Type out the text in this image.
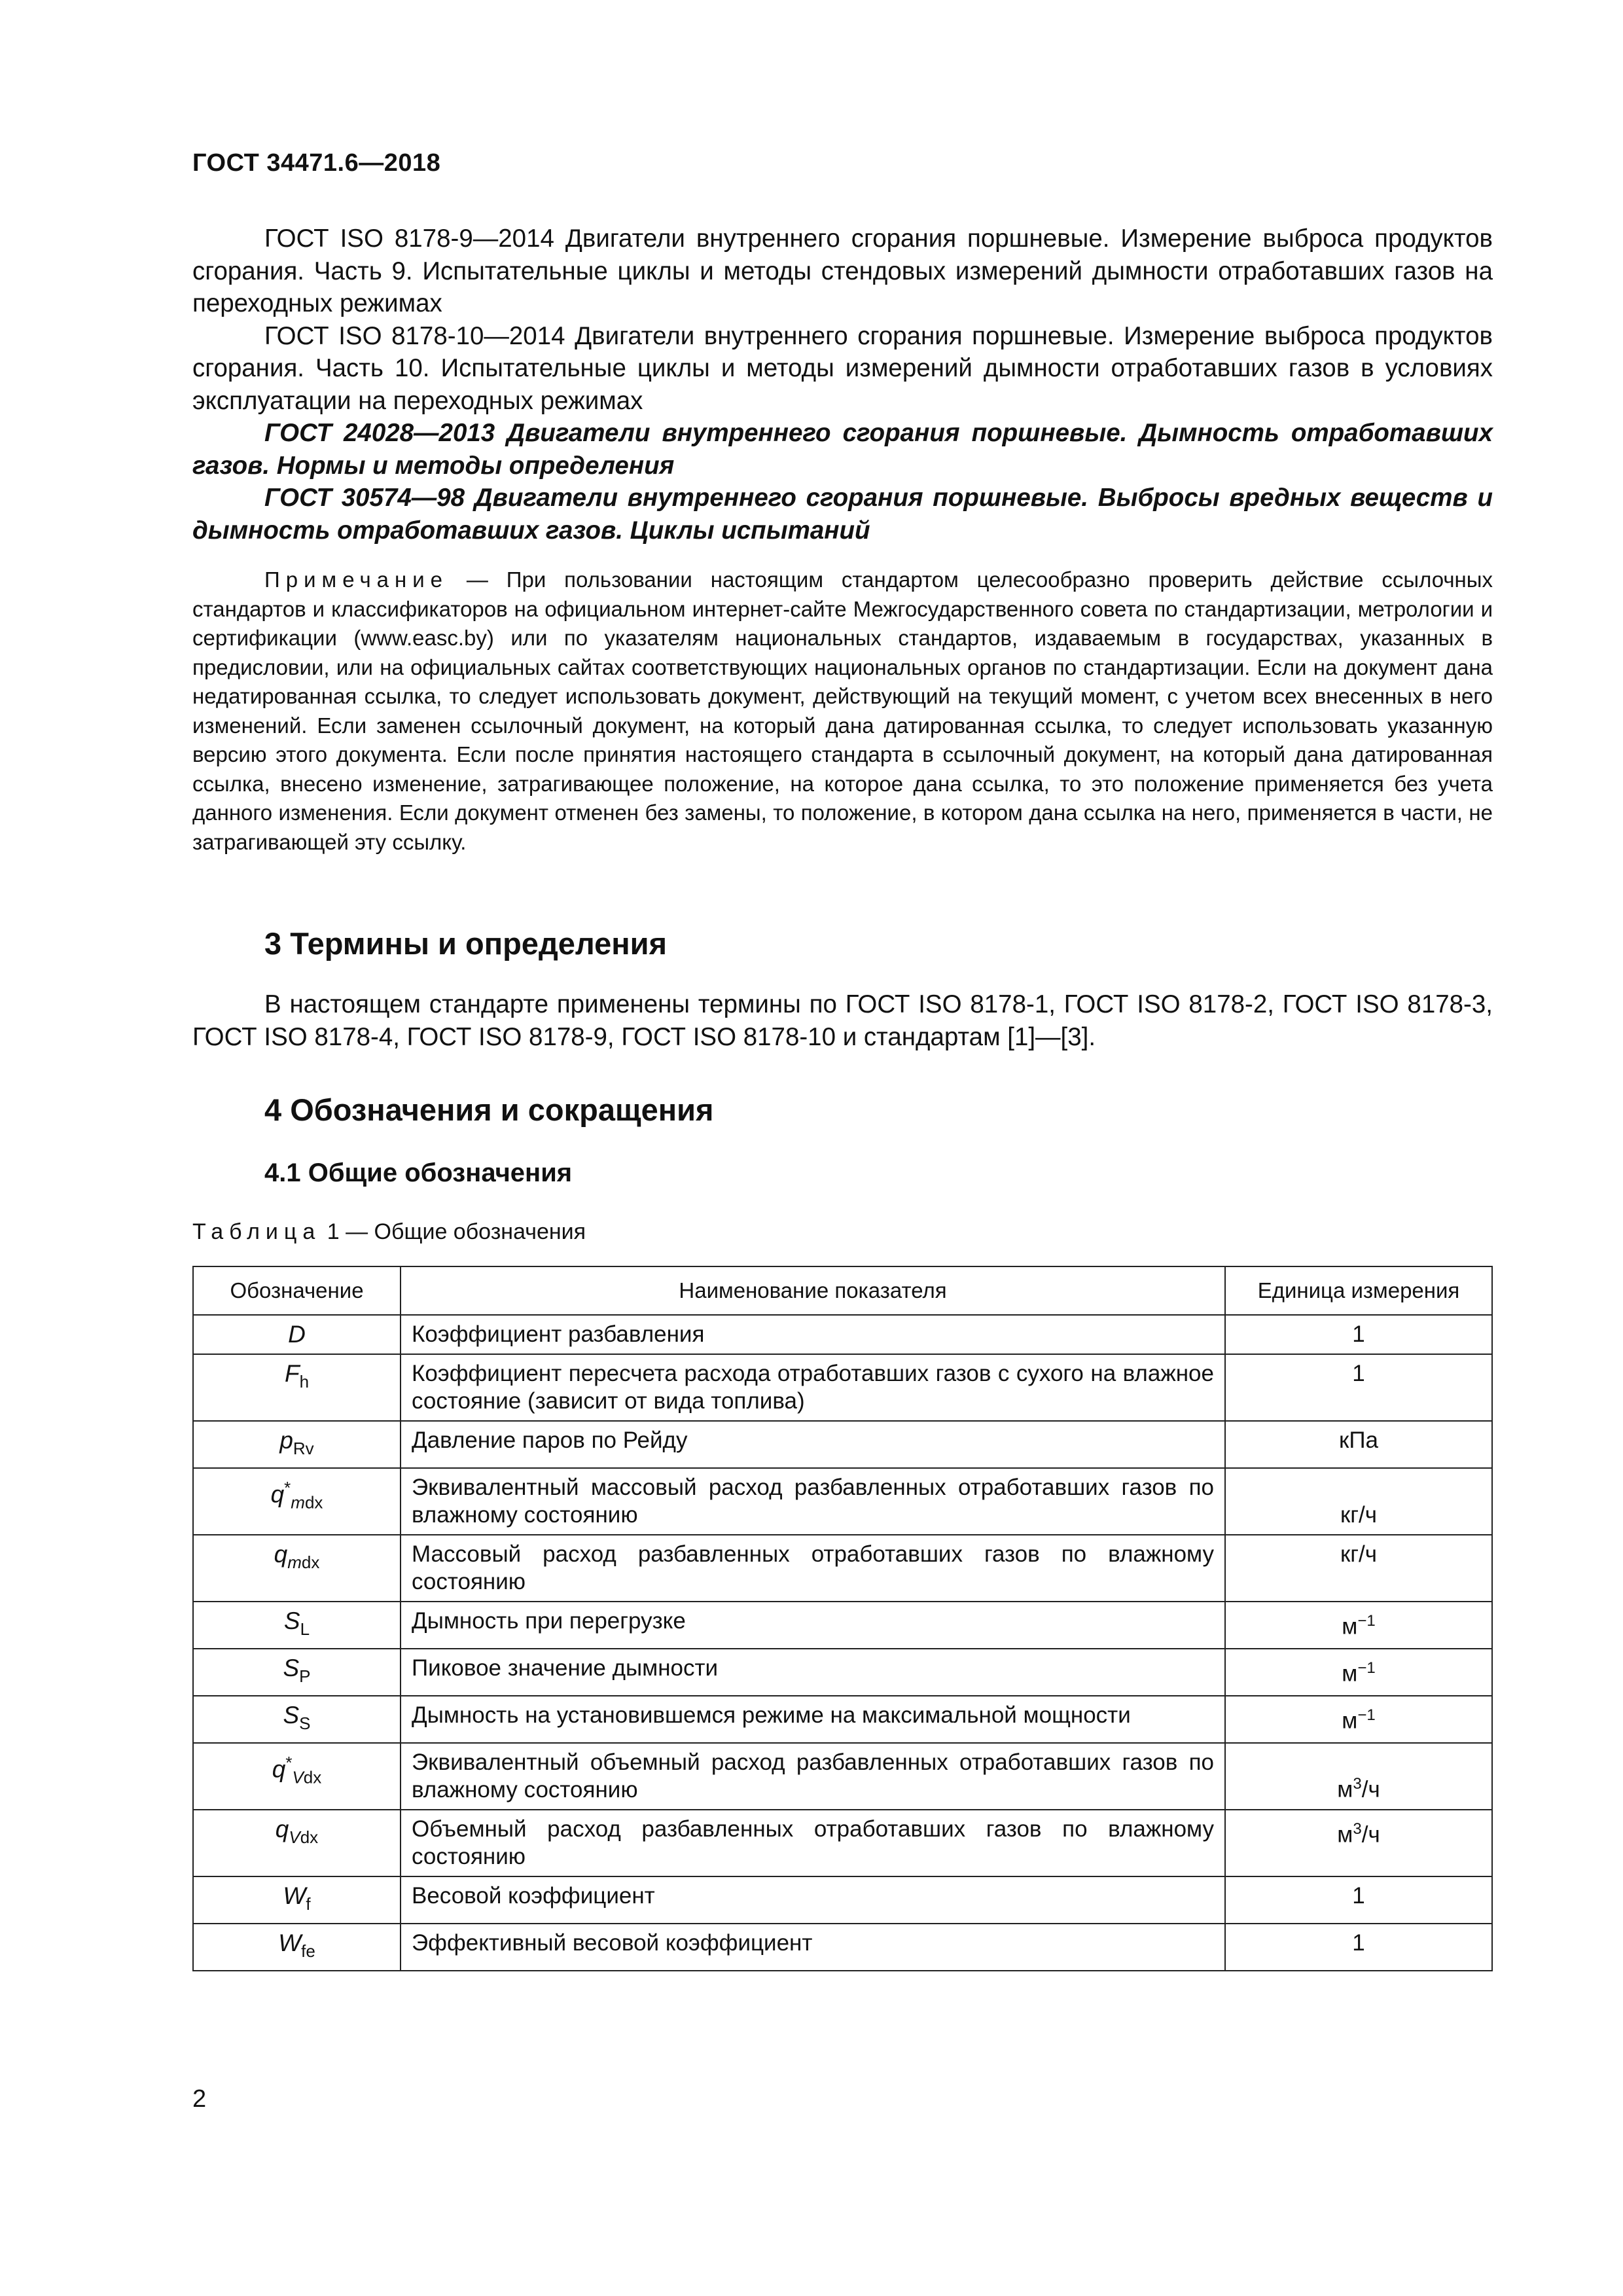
ГОСТ 34471.6—2018

ГОСТ ISO 8178-9—2014 Двигатели внутреннего сгорания поршневые. Измерение выброса продуктов сгорания. Часть 9. Испытательные циклы и методы стендовых измерений дымности отработавших газов на переходных режимах

ГОСТ ISO 8178-10—2014 Двигатели внутреннего сгорания поршневые. Измерение выброса продуктов сгорания. Часть 10. Испытательные циклы и методы измерений дымности отработавших газов в условиях эксплуатации на переходных режимах

ГОСТ 24028—2013 Двигатели внутреннего сгорания поршневые. Дымность отработавших газов. Нормы и методы определения

ГОСТ 30574—98 Двигатели внутреннего сгорания поршневые. Выбросы вредных веществ и дымность отработавших газов. Циклы испытаний

Примечание — При пользовании настоящим стандартом целесообразно проверить действие ссылочных стандартов и классификаторов на официальном интернет-сайте Межгосударственного совета по стандартизации, метрологии и сертификации (www.easc.by) или по указателям национальных стандартов, издаваемым в государствах, указанных в предисловии, или на официальных сайтах соответствующих национальных органов по стандартизации. Если на документ дана недатированная ссылка, то следует использовать документ, действующий на текущий момент, с учетом всех внесенных в него изменений. Если заменен ссылочный документ, на который дана датированная ссылка, то следует использовать указанную версию этого документа. Если после принятия настоящего стандарта в ссылочный документ, на который дана датированная ссылка, внесено изменение, затрагивающее положение, на которое дана ссылка, то это положение применяется без учета данного изменения. Если документ отменен без замены, то положение, в котором дана ссылка на него, применяется в части, не затрагивающей эту ссылку.

3 Термины и определения

В настоящем стандарте применены термины по ГОСТ ISO 8178-1, ГОСТ ISO 8178-2, ГОСТ ISO 8178-3, ГОСТ ISO 8178-4, ГОСТ ISO 8178-9, ГОСТ ISO 8178-10 и стандартам [1]—[3].

4 Обозначения и сокращения
4.1 Общие обозначения
Таблица 1 — Общие обозначения
Обозначение	Наименование показателя	Единица измерения
D	Коэффициент разбавления	1
$F_h$	Коэффициент пересчета расхода отработавших газов с сухого на влажное состояние (зависит от вида топлива)	1
$p_{Rv}$	Давление паров по Рейду	кПа
$q^*_{mdx}$	Эквивалентный массовый расход разбавленных отработавших газов по влажному состоянию	кг/ч
$q_{mdx}$	Массовый расход разбавленных отработавших газов по влажному состоянию	кг/ч
$S_L$	Дымность при перегрузке	$м^{-1}$
$S_P$	Пиковое значение дымности	$м^{-1}$
$S_S$	Дымность на установившемся режиме на максимальной мощности	$м^{-1}$
$q^*_{Vdx}$	Эквивалентный объемный расход разбавленных отработавших газов по влажному состоянию	$м^3/ч$
$q_{Vdx}$	Объемный расход разбавленных отработавших газов по влажному состоянию	$м^3/ч$
$W_f$	Весовой коэффициент	1
$W_{fe}$	Эффективный весовой коэффициент	1
2
